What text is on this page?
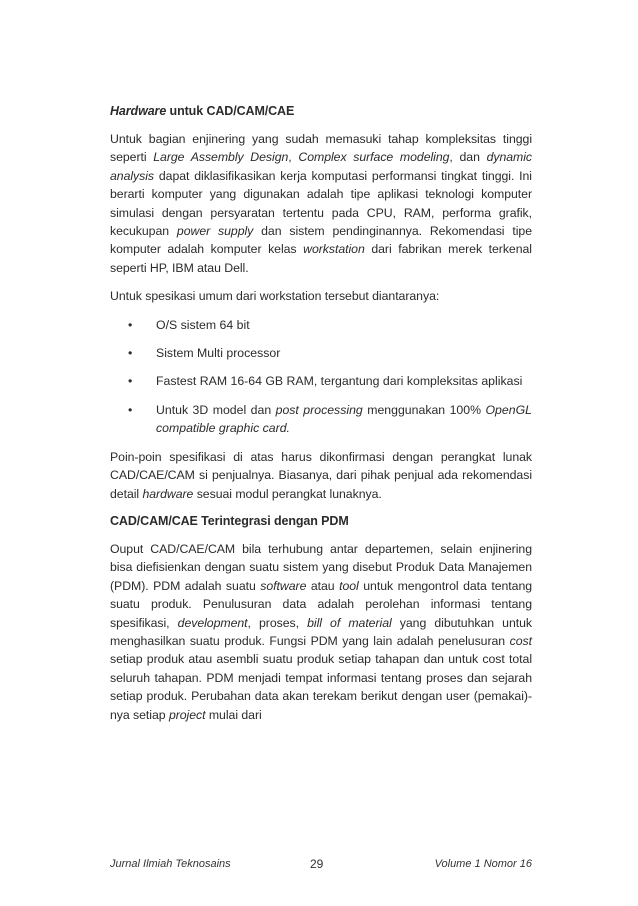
Hardware untuk CAD/CAM/CAE

Untuk bagian enjinering yang sudah memasuki tahap kompleksitas tinggi seperti Large Assembly Design, Complex surface modeling, dan dynamic analysis dapat diklasifikasikan kerja komputasi performansi tingkat tinggi. Ini berarti komputer yang digunakan adalah tipe aplikasi teknologi komputer simulasi dengan persyaratan tertentu pada CPU, RAM, performa grafik, kecukupan power supply dan sistem pendinginannya. Rekomendasi tipe komputer adalah komputer kelas workstation dari fabrikan merek terkenal seperti HP, IBM atau Dell.

Untuk spesikasi umum dari workstation tersebut diantaranya:

• O/S sistem 64 bit
• Sistem Multi processor
• Fastest RAM 16-64 GB RAM, tergantung dari kompleksitas aplikasi
• Untuk 3D model dan post processing menggunakan 100% OpenGL compatible graphic card.

Poin-poin spesifikasi di atas harus dikonfirmasi dengan perangkat lunak CAD/CAE/CAM si penjualnya. Biasanya, dari pihak penjual ada rekomendasi detail hardware sesuai modul perangkat lunaknya.

CAD/CAM/CAE Terintegrasi dengan PDM

Ouput CAD/CAE/CAM bila terhubung antar departemen, selain enjinering bisa diefisienkan dengan suatu sistem yang disebut Produk Data Manajemen (PDM). PDM adalah suatu software atau tool untuk mengontrol data tentang suatu produk. Penulusuran data adalah perolehan informasi tentang spesifikasi, development, proses, bill of material yang dibutuhkan untuk menghasilkan suatu produk. Fungsi PDM yang lain adalah penelusuran cost setiap produk atau asembli suatu produk setiap tahapan dan untuk cost total seluruh tahapan. PDM menjadi tempat informasi tentang proses dan sejarah setiap produk. Perubahan data akan terekam berikut dengan user (pemakai)-nya setiap project mulai dari

Jurnal Ilmiah Teknosains	29	Volume 1 Nomor 16
